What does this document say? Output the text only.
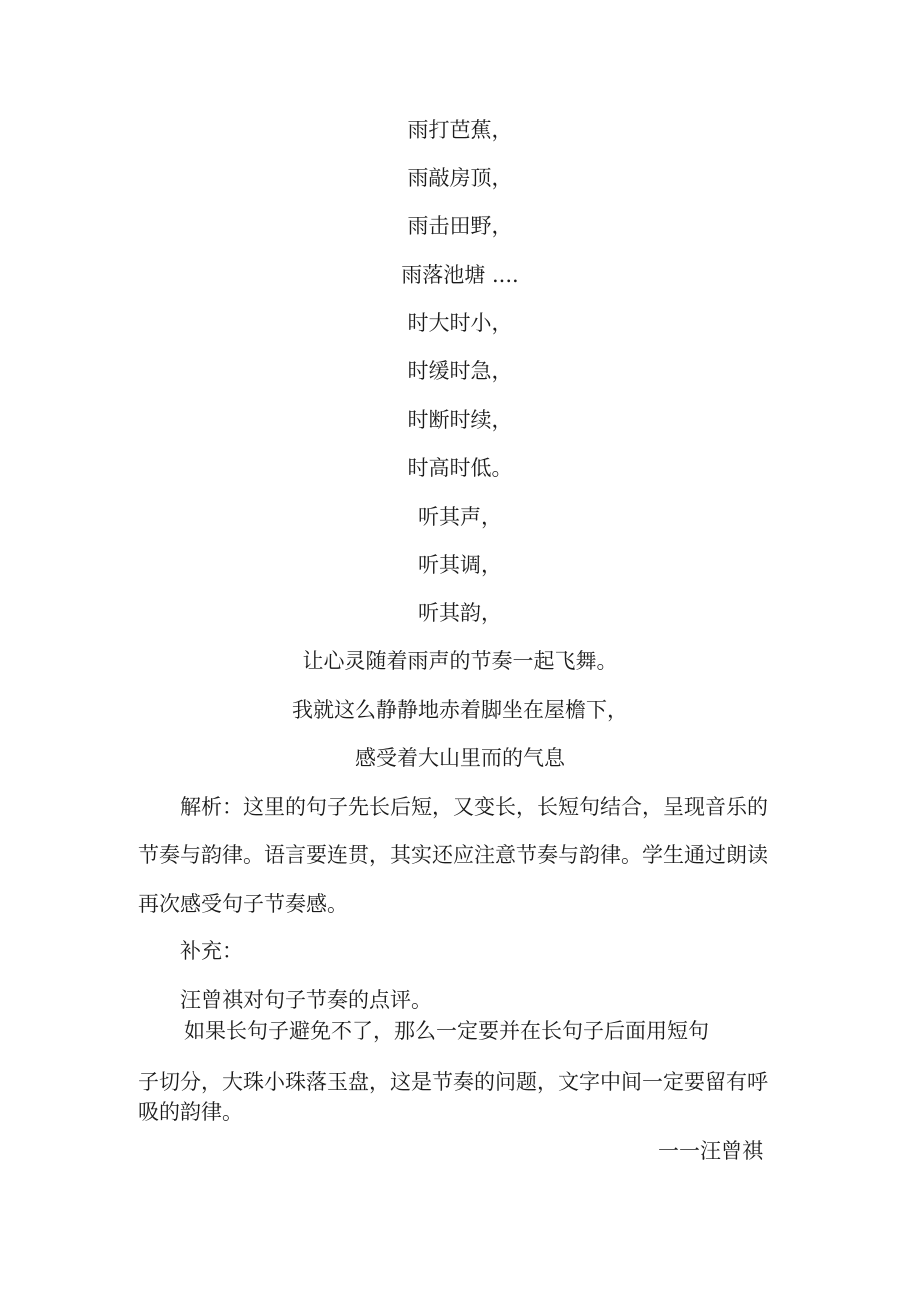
雨打芭蕉，
雨敲房顶，
雨击田野，
雨落池塘 ....
时大时小，
时缓时急，
时断时续，
时高时低。
听其声，
听其调，
听其韵，
让心灵随着雨声的节奏一起飞舞。
我就这么静静地赤着脚坐在屋檐下，
感受着大山里而的气息
解析：这里的句子先长后短，又变长，长短句结合，呈现音乐的
节奏与韵律。语言要连贯，其实还应注意节奏与韵律。学生通过朗读
再次感受句子节奏感。
补充：
汪曾祺对句子节奏的点评。
如果长句子避免不了，那么一定要并在长句子后面用短句
子切分，大珠小珠落玉盘，这是节奏的问题，文字中间一定要留有呼
吸的韵律。
一一汪曾祺
